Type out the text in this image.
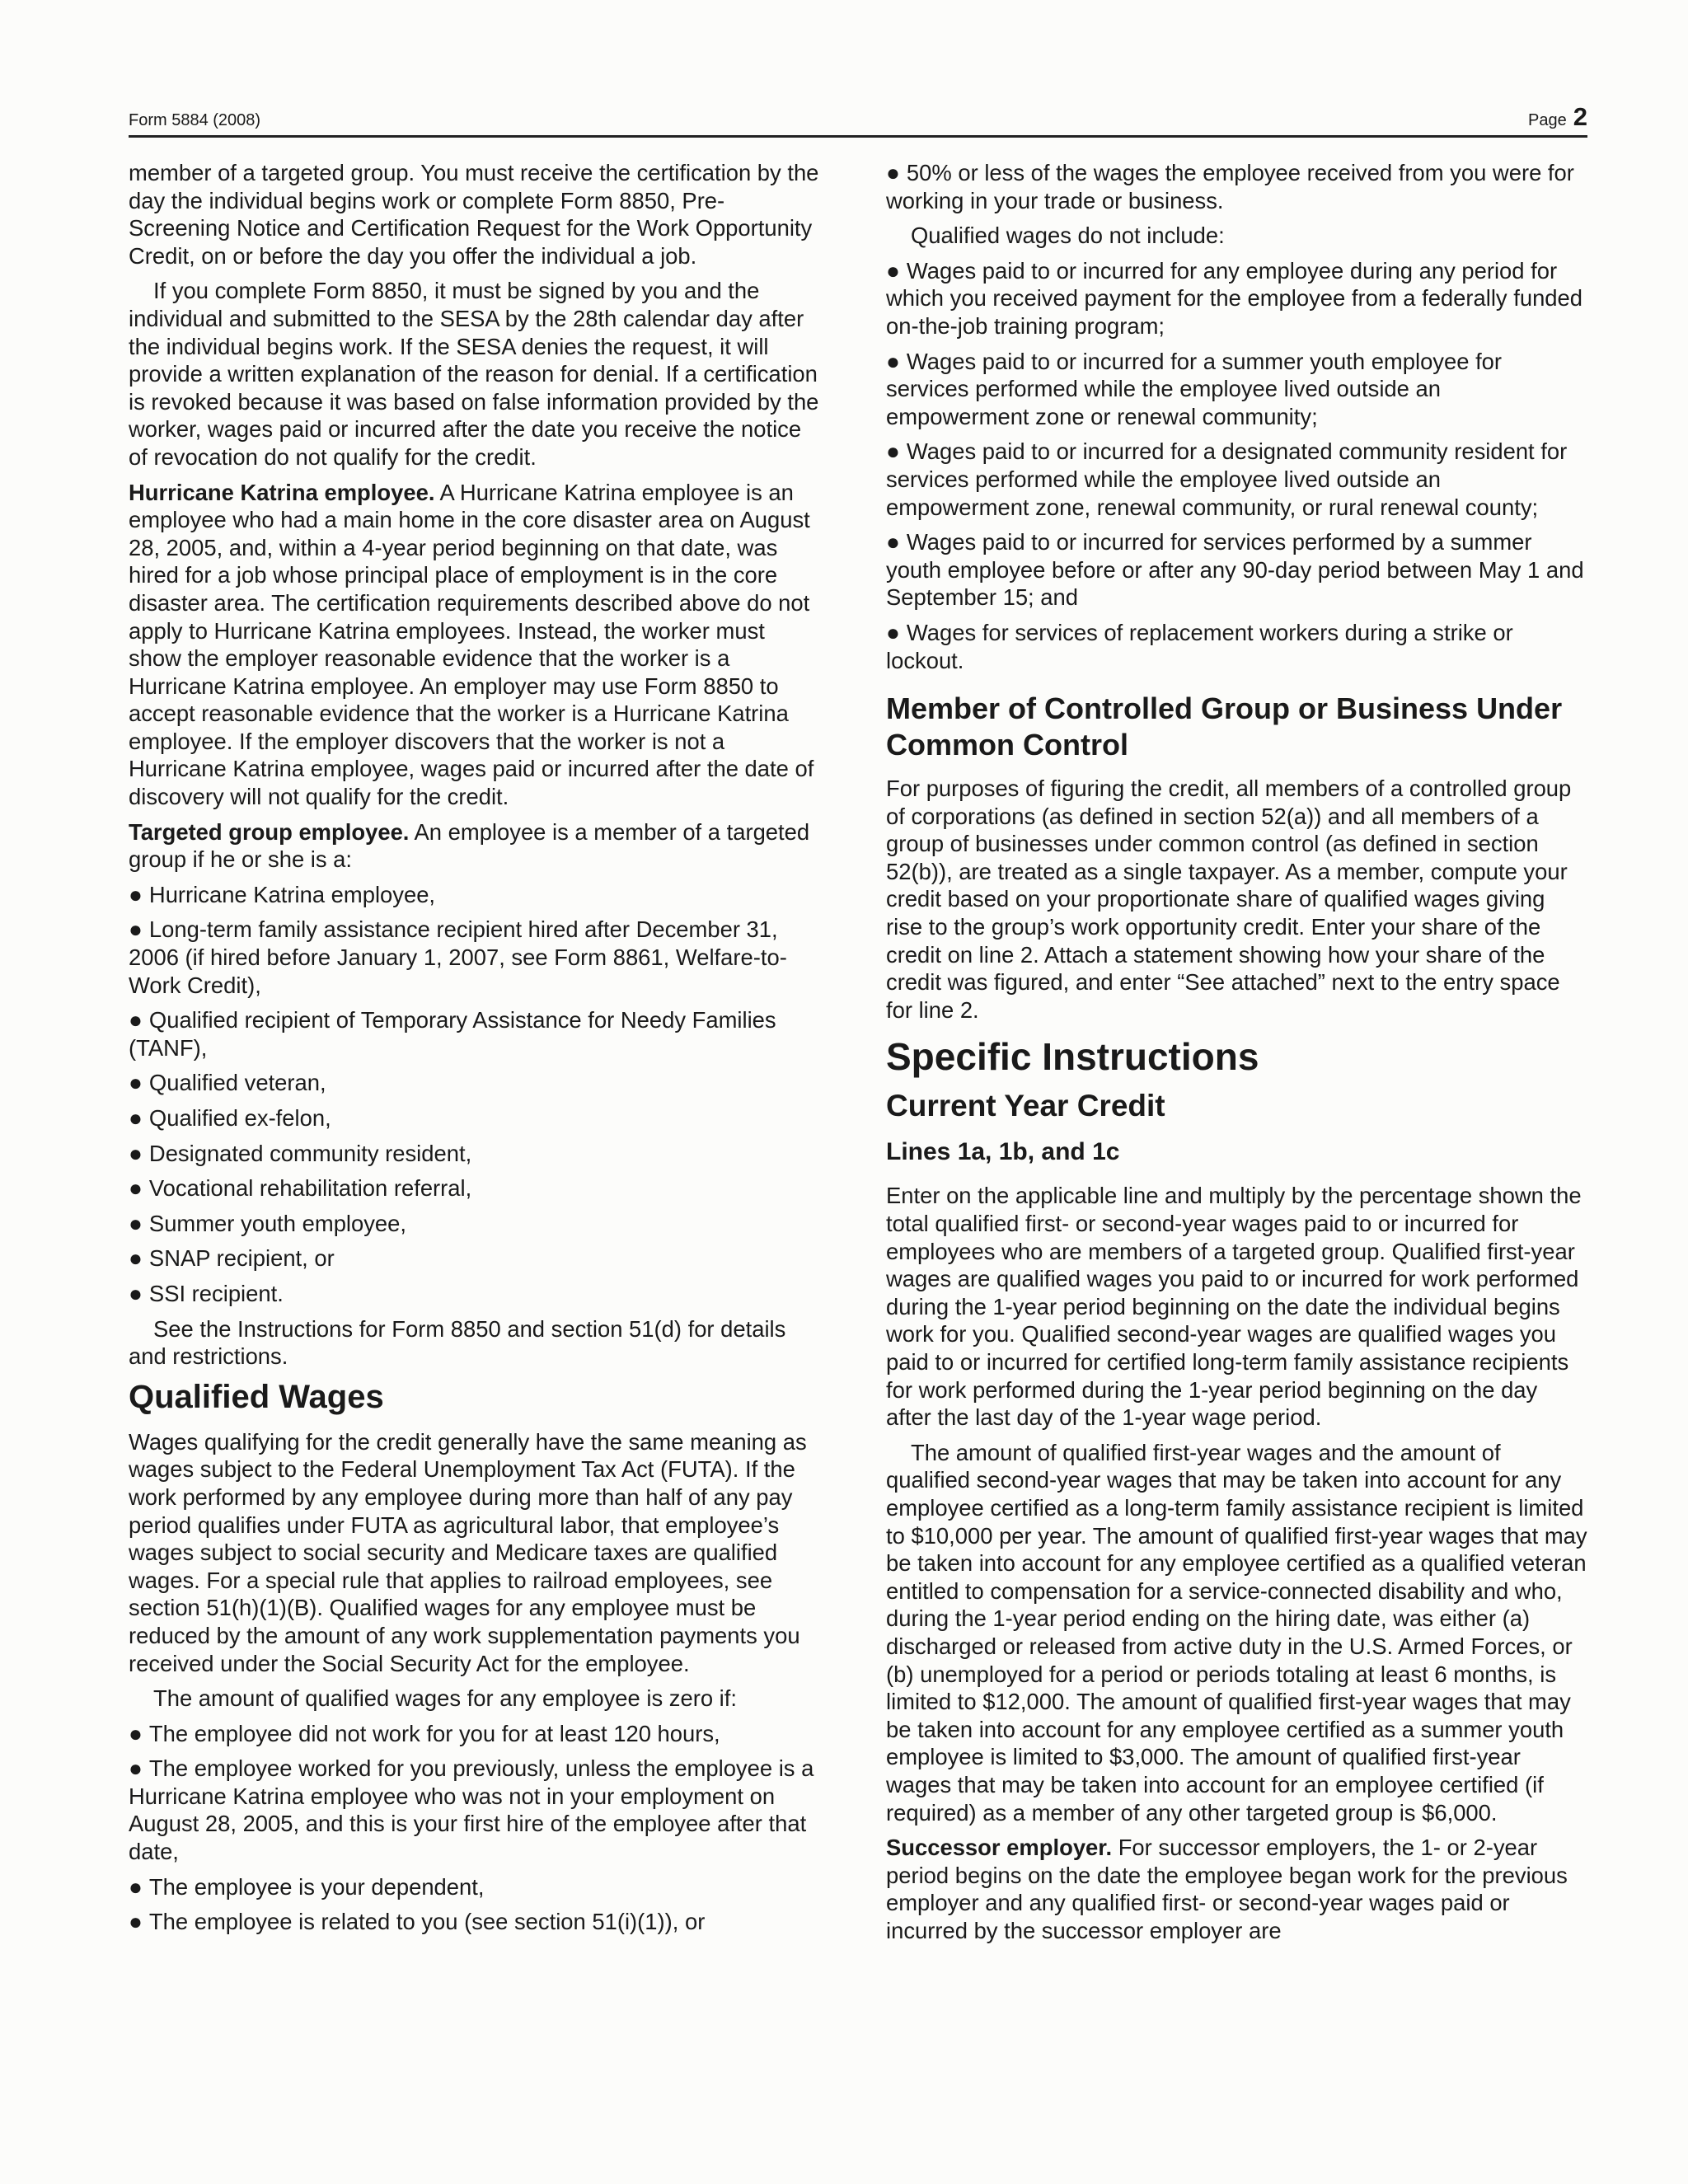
Form 5884 (2008)	Page 2

member of a targeted group. You must receive the certification by the day the individual begins work or complete Form 8850, Pre-Screening Notice and Certification Request for the Work Opportunity Credit, on or before the day you offer the individual a job.

If you complete Form 8850, it must be signed by you and the individual and submitted to the SESA by the 28th calendar day after the individual begins work. If the SESA denies the request, it will provide a written explanation of the reason for denial. If a certification is revoked because it was based on false information provided by the worker, wages paid or incurred after the date you receive the notice of revocation do not qualify for the credit.

Hurricane Katrina employee. A Hurricane Katrina employee is an employee who had a main home in the core disaster area on August 28, 2005, and, within a 4-year period beginning on that date, was hired for a job whose principal place of employment is in the core disaster area. The certification requirements described above do not apply to Hurricane Katrina employees. Instead, the worker must show the employer reasonable evidence that the worker is a Hurricane Katrina employee. An employer may use Form 8850 to accept reasonable evidence that the worker is a Hurricane Katrina employee. If the employer discovers that the worker is not a Hurricane Katrina employee, wages paid or incurred after the date of discovery will not qualify for the credit.

Targeted group employee. An employee is a member of a targeted group if he or she is a:

● Hurricane Katrina employee,

● Long-term family assistance recipient hired after December 31, 2006 (if hired before January 1, 2007, see Form 8861, Welfare-to-Work Credit),

● Qualified recipient of Temporary Assistance for Needy Families (TANF),

● Qualified veteran,

● Qualified ex-felon,

● Designated community resident,

● Vocational rehabilitation referral,

● Summer youth employee,

● SNAP recipient, or

● SSI recipient.

See the Instructions for Form 8850 and section 51(d) for details and restrictions.

Qualified Wages

Wages qualifying for the credit generally have the same meaning as wages subject to the Federal Unemployment Tax Act (FUTA). If the work performed by any employee during more than half of any pay period qualifies under FUTA as agricultural labor, that employee’s wages subject to social security and Medicare taxes are qualified wages. For a special rule that applies to railroad employees, see section 51(h)(1)(B). Qualified wages for any employee must be reduced by the amount of any work supplementation payments you received under the Social Security Act for the employee.

The amount of qualified wages for any employee is zero if:

● The employee did not work for you for at least 120 hours,

● The employee worked for you previously, unless the employee is a Hurricane Katrina employee who was not in your employment on August 28, 2005, and this is your first hire of the employee after that date,

● The employee is your dependent,

● The employee is related to you (see section 51(i)(1)), or

● 50% or less of the wages the employee received from you were for working in your trade or business.

Qualified wages do not include:

● Wages paid to or incurred for any employee during any period for which you received payment for the employee from a federally funded on-the-job training program;

● Wages paid to or incurred for a summer youth employee for services performed while the employee lived outside an empowerment zone or renewal community;

● Wages paid to or incurred for a designated community resident for services performed while the employee lived outside an empowerment zone, renewal community, or rural renewal county;

● Wages paid to or incurred for services performed by a summer youth employee before or after any 90-day period between May 1 and September 15; and

● Wages for services of replacement workers during a strike or lockout.

Member of Controlled Group or Business Under Common Control

For purposes of figuring the credit, all members of a controlled group of corporations (as defined in section 52(a)) and all members of a group of businesses under common control (as defined in section 52(b)), are treated as a single taxpayer. As a member, compute your credit based on your proportionate share of qualified wages giving rise to the group’s work opportunity credit. Enter your share of the credit on line 2. Attach a statement showing how your share of the credit was figured, and enter “See attached” next to the entry space for line 2.

Specific Instructions
Current Year Credit
Lines 1a, 1b, and 1c

Enter on the applicable line and multiply by the percentage shown the total qualified first- or second-year wages paid to or incurred for employees who are members of a targeted group. Qualified first-year wages are qualified wages you paid to or incurred for work performed during the 1-year period beginning on the date the individual begins work for you. Qualified second-year wages are qualified wages you paid to or incurred for certified long-term family assistance recipients for work performed during the 1-year period beginning on the day after the last day of the 1-year wage period.

The amount of qualified first-year wages and the amount of qualified second-year wages that may be taken into account for any employee certified as a long-term family assistance recipient is limited to $10,000 per year. The amount of qualified first-year wages that may be taken into account for any employee certified as a qualified veteran entitled to compensation for a service-connected disability and who, during the 1-year period ending on the hiring date, was either (a) discharged or released from active duty in the U.S. Armed Forces, or (b) unemployed for a period or periods totaling at least 6 months, is limited to $12,000. The amount of qualified first-year wages that may be taken into account for any employee certified as a summer youth employee is limited to $3,000. The amount of qualified first-year wages that may be taken into account for an employee certified (if required) as a member of any other targeted group is $6,000.

Successor employer. For successor employers, the 1- or 2-year period begins on the date the employee began work for the previous employer and any qualified first- or second-year wages paid or incurred by the successor employer are
